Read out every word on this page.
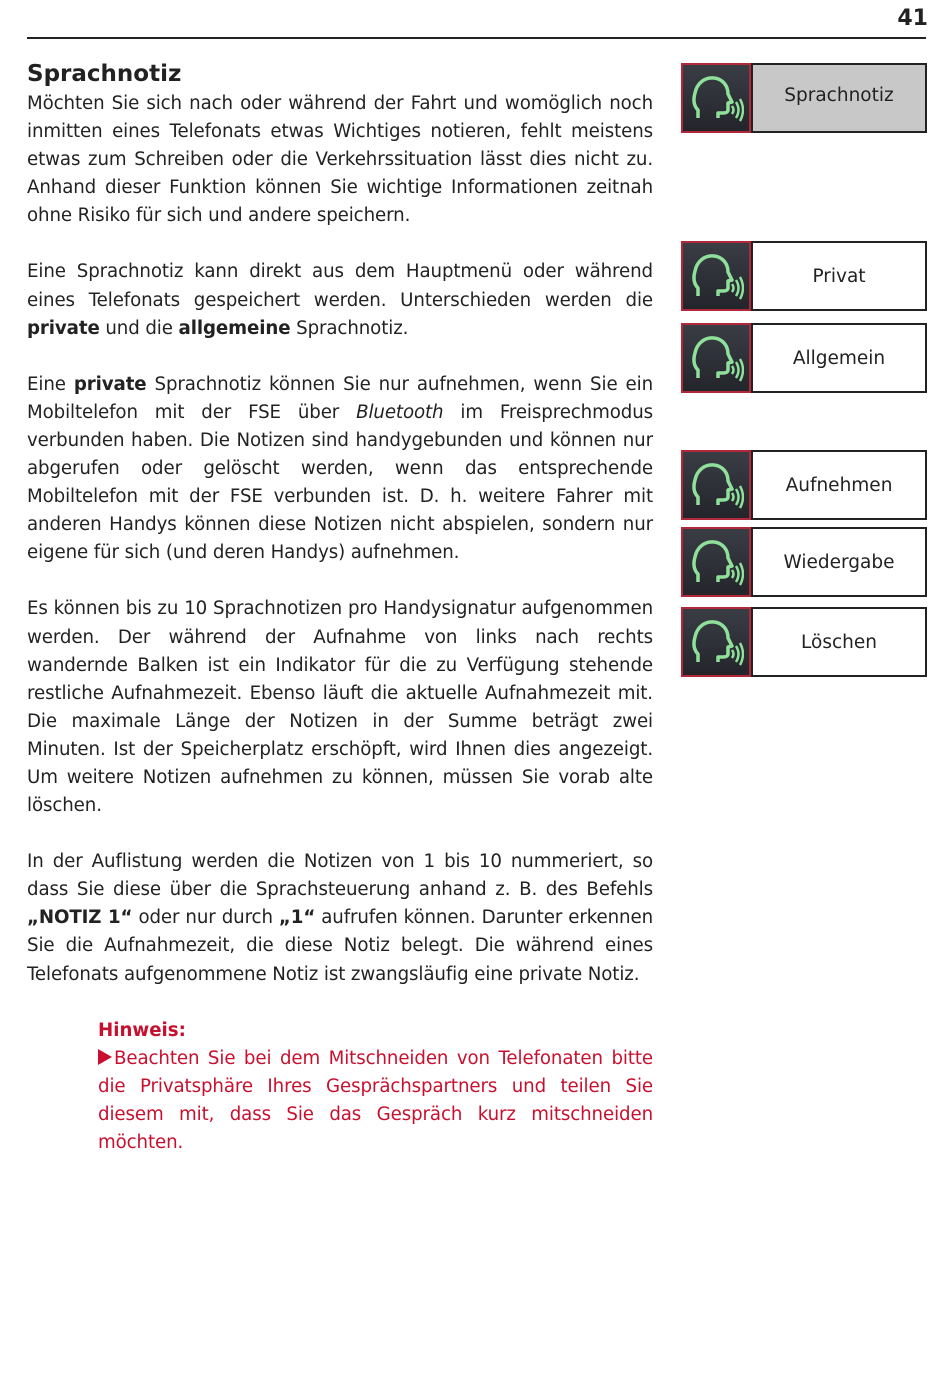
41
Sprachnotiz

Möchten Sie sich nach oder während der Fahrt und womöglich noch inmitten eines Telefonats etwas Wichtiges notieren, fehlt meistens etwas zum Schreiben oder die Verkehrssituation lässt dies nicht zu. Anhand dieser Funktion können Sie wichtige Informationen zeitnah ohne Risiko für sich und andere speichern.

Eine Sprachnotiz kann direkt aus dem Hauptmenü oder während eines Telefonats gespeichert werden. Unterschieden werden die private und die allgemeine Sprachnotiz.

Eine private Sprachnotiz können Sie nur aufnehmen, wenn Sie ein Mobiltelefon mit der FSE über Bluetooth im Freisprechmodus verbunden haben. Die Notizen sind handygebunden und können nur abgerufen oder gelöscht werden, wenn das entsprechende Mobiltelefon mit der FSE verbunden ist. D. h. weitere Fahrer mit anderen Handys können diese Notizen nicht abspielen, sondern nur eigene für sich (und deren Handys) aufnehmen.

Es können bis zu 10 Sprachnotizen pro Handysignatur aufgenommen werden. Der während der Aufnahme von links nach rechts wandernde Balken ist ein Indikator für die zu Verfügung stehende restliche Aufnahmezeit. Ebenso läuft die aktuelle Aufnahmezeit mit. Die maximale Länge der Notizen in der Summe beträgt zwei Minuten. Ist der Speicherplatz erschöpft, wird Ihnen dies angezeigt. Um weitere Notizen aufnehmen zu können, müssen Sie vorab alte löschen.

In der Auflistung werden die Notizen von 1 bis 10 nummeriert, so dass Sie diese über die Sprachsteuerung anhand z. B. des Befehls „NOTIZ 1“ oder nur durch „1“ aufrufen können. Darunter erkennen Sie die Aufnahmezeit, die diese Notiz belegt. Die während eines Telefonats aufgenommene Notiz ist zwangsläufig eine private Notiz.

Hinweis:

Beachten Sie bei dem Mitschneiden von Telefonaten bitte die Privatsphäre Ihres Gesprächspartners und teilen Sie diesem mit, dass Sie das Gespräch kurz mitschneiden möchten.

Sprachnotiz
Privat
Allgemein
Aufnehmen
Wiedergabe
Löschen
